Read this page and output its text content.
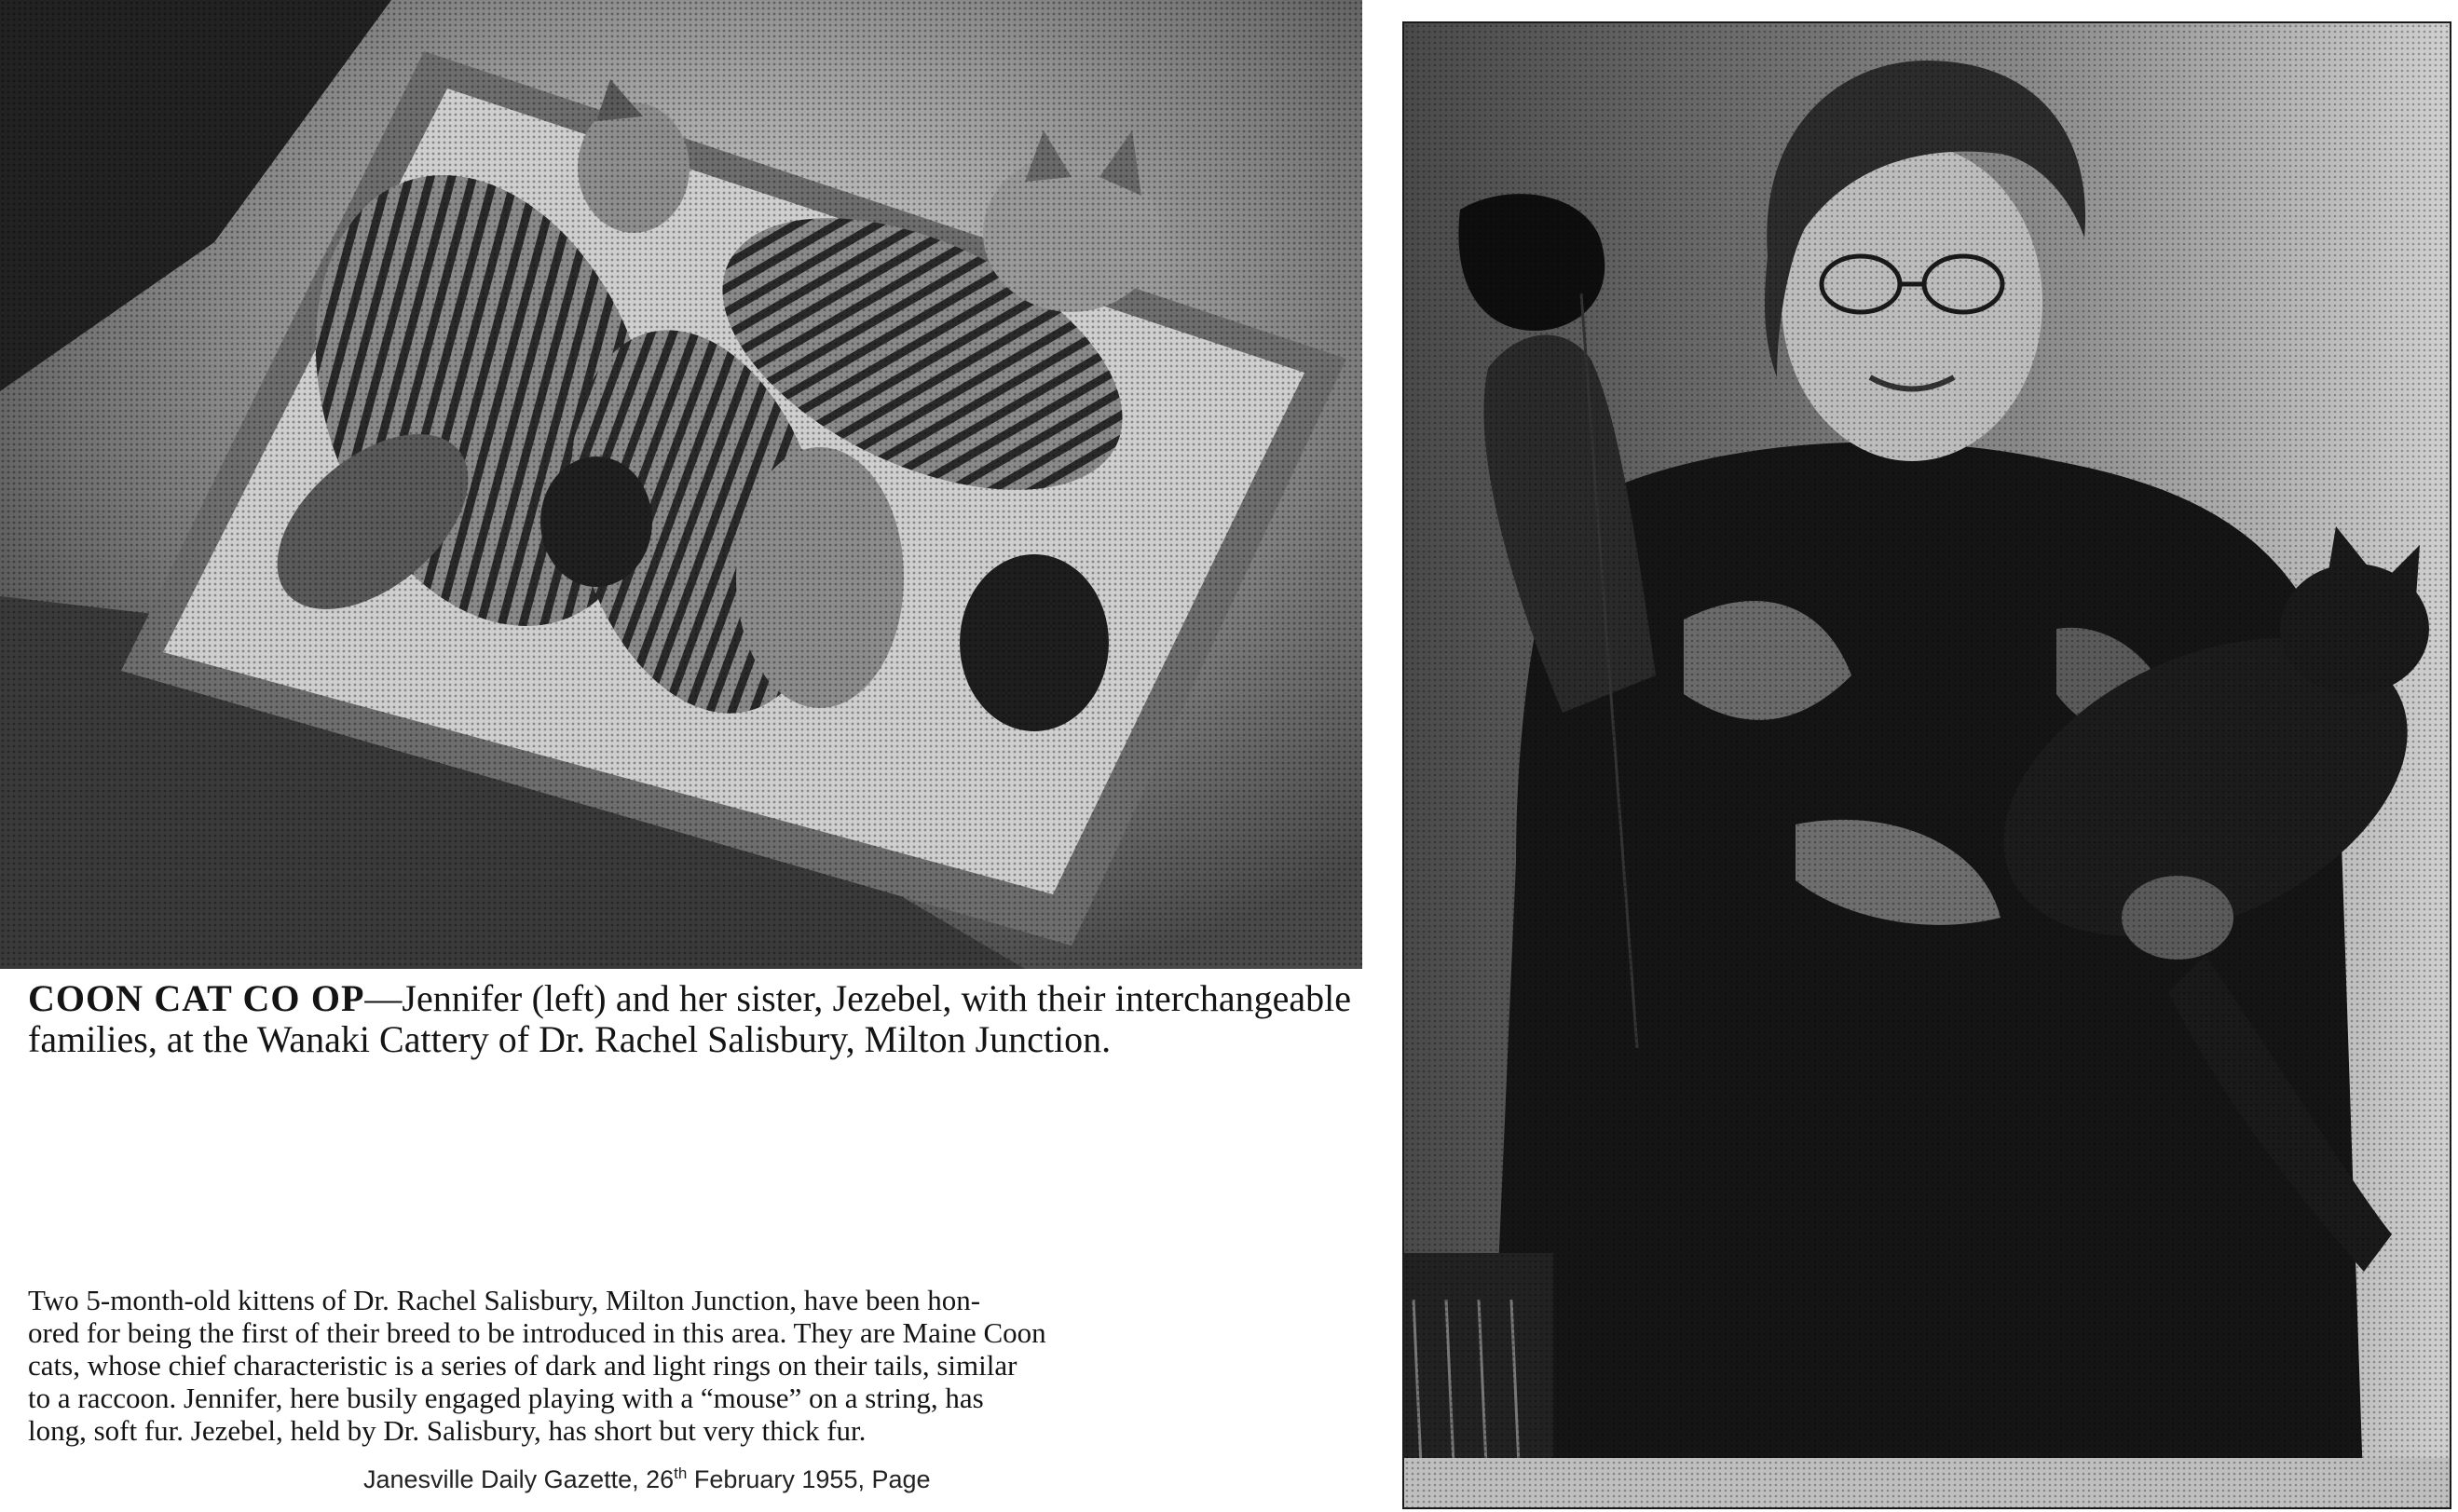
COON CAT CO OP—Jennifer (left) and her sister, Jezebel, with their interchangeable families, at the Wanaki Cattery of Dr. Rachel Salisbury, Milton Junction.
Two 5-month-old kittens of Dr. Rachel Salisbury, Milton Junction, have been hon-
ored for being the first of their breed to be introduced in this area. They are Maine Coon
cats, whose chief characteristic is a series of dark and light rings on their tails, similar
to a raccoon. Jennifer, here busily engaged playing with a “mouse” on a string, has
long, soft fur. Jezebel, held by Dr. Salisbury, has short but very thick fur.
Janesville Daily Gazette, 26th February 1955, Page
